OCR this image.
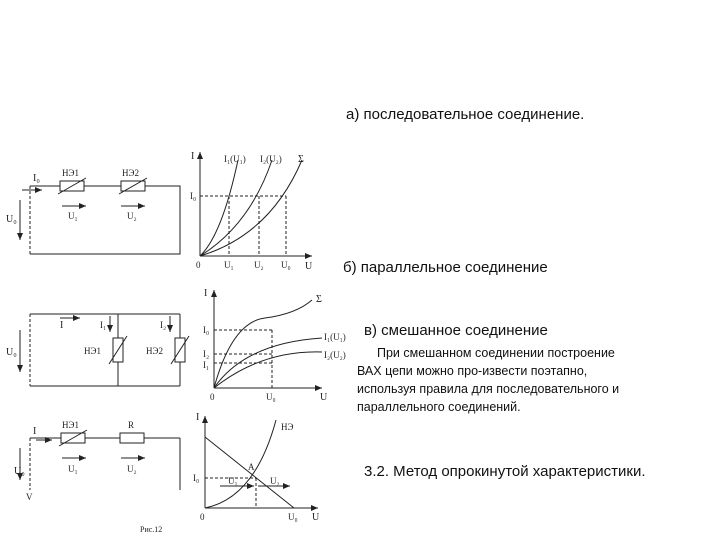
а) последовательное соединение.
б) параллельное соединение
в) смешанное соединение
При смешанном соединении построение
ВАХ цепи можно про-извести поэтапно,
используя правила для последовательного и
параллельного соединений.
3.2. Метод опрокинутой характеристики.
I₀
U₀
НЭ1	НЭ2
U₁	U₂
I
U
0
I₁(U₁) I₂(U₂) Σ
I₀
U₁ U₂ U₀
I
U₀
I₁	I₂
НЭ1	НЭ2
I
U
0
Σ
I₁(U₁)
I₂(U₂)
I₀
I₂
I₁
U₀
I
U₀
V
НЭ1	R
U₁	U₂
I
U
0
НЭ
A
I₀	U₁	U₂
U₀
Рис.12
